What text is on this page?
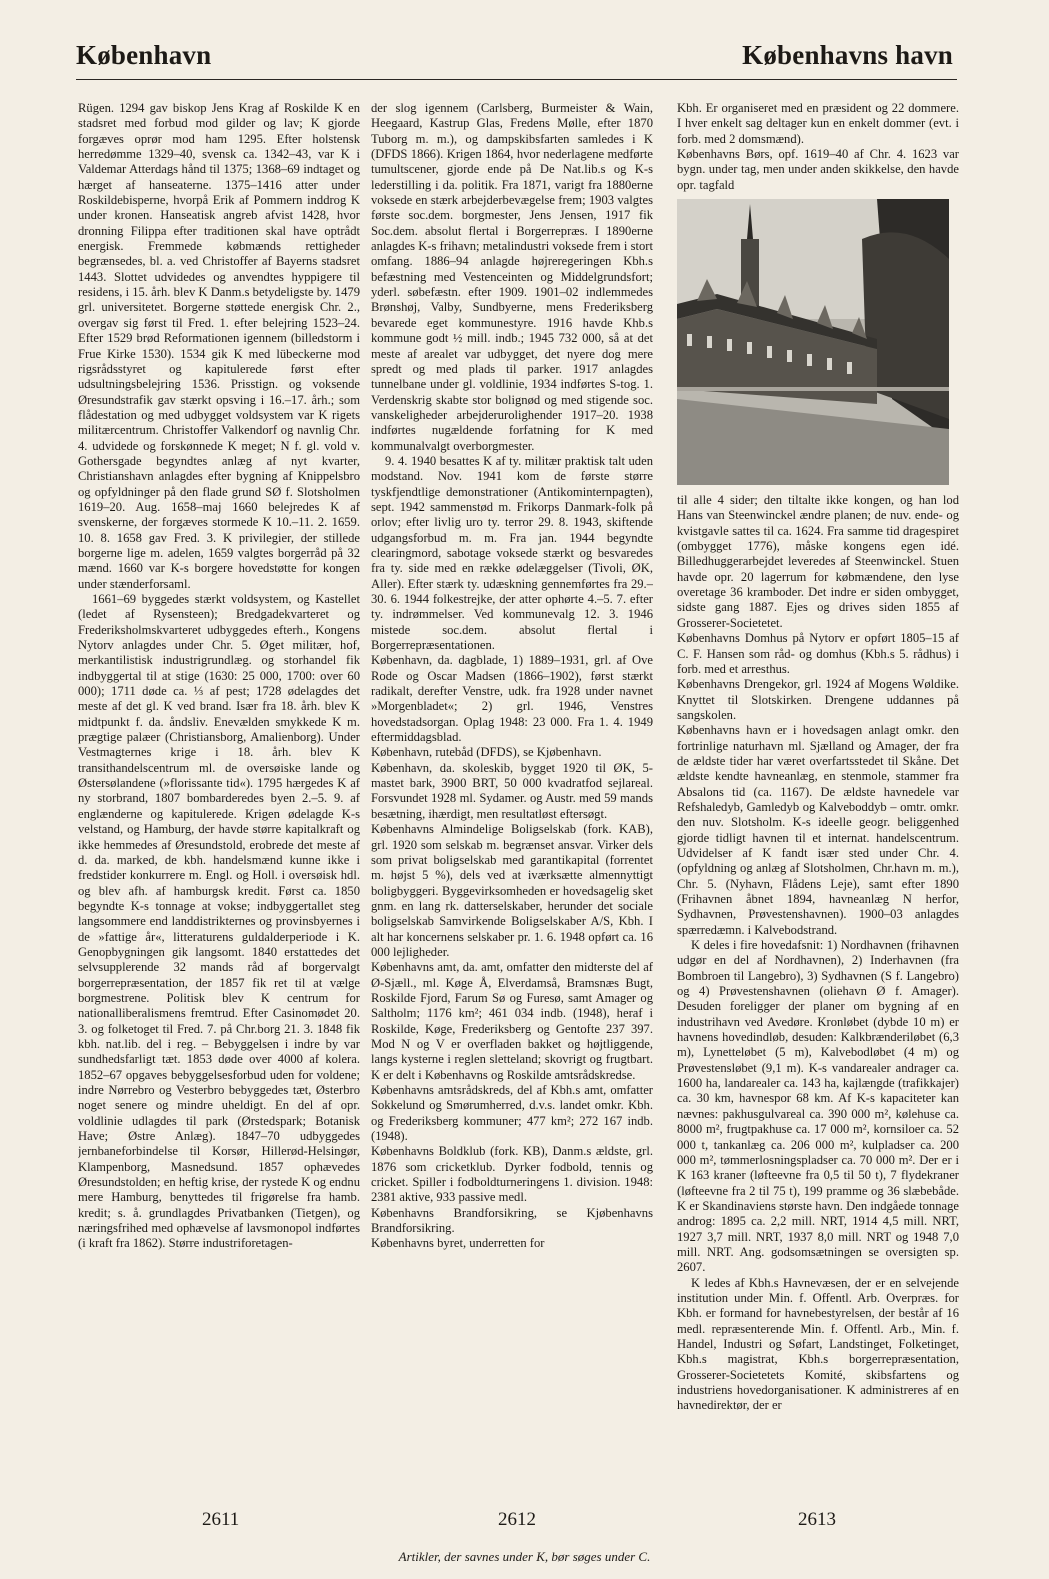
København	Københavns havn

Rügen. 1294 gav biskop Jens Krag af Roskilde K en stadsret med forbud mod gilder og lav; K gjorde forgæves oprør mod ham 1295. Efter holstensk herredømme 1329–40, svensk ca. 1342–43, var K i Valdemar Atterdags hånd til 1375; 1368–69 indtaget og hærget af hanseaterne. 1375–1416 atter under Roskildebisperne, hvorpå Erik af Pommern inddrog K under kronen. Hanseatisk angreb afvist 1428, hvor dronning Filippa efter traditionen skal have optrådt energisk. Fremmede købmænds rettigheder begrænsedes, bl. a. ved Christoffer af Bayerns stadsret 1443. Slottet udvidedes og anvendtes hyppigere til residens, i 15. årh. blev K Danm.s betydeligste by. 1479 grl. universitetet. Borgerne støttede energisk Chr. 2., overgav sig først til Fred. 1. efter belejring 1523–24. Efter 1529 brød Reformationen igennem (billedstorm i Frue Kirke 1530). 1534 gik K med lübeckerne mod rigsrådsstyret og kapitulerede først efter udsultningsbelejring 1536. Prisstign. og voksende Øresundstrafik gav stærkt opsving i 16.–17. årh.; som flådestation og med udbygget voldsystem var K rigets militærcentrum. Christoffer Valkendorf og navnlig Chr. 4. udvidede og forskønnede K meget; N f. gl. vold v. Gothersgade begyndtes anlæg af nyt kvarter, Christianshavn anlagdes efter bygning af Knippelsbro og opfyldninger på den flade grund SØ f. Slotsholmen 1619–20. Aug. 1658–maj 1660 belejredes K af svenskerne, der forgæves stormede K 10.–11. 2. 1659. 10. 8. 1658 gav Fred. 3. K privilegier, der stillede borgerne lige m. adelen, 1659 valgtes borgerråd på 32 mænd. 1660 var K-s borgere hovedstøtte for kongen under stænderforsaml.

1661–69 byggedes stærkt voldsystem, og Kastellet (ledet af Rysensteen); Bredgadekvarteret og Frederiksholmskvarteret udbyggedes efterh., Kongens Nytorv anlagdes under Chr. 5. Øget militær, hof, merkantilistisk industrigrundlæg. og storhandel fik indbyggertal til at stige (1630: 25 000, 1700: over 60 000); 1711 døde ca. ⅓ af pest; 1728 ødelagdes det meste af det gl. K ved brand. Især fra 18. årh. blev K midtpunkt f. da. åndsliv. Enevælden smykkede K m. prægtige palæer (Christiansborg, Amalienborg). Under Vestmagternes krige i 18. årh. blev K transithandelscentrum ml. de oversøiske lande og Østersølandene (»florissante tid«). 1795 hærgedes K af ny storbrand, 1807 bombarderedes byen 2.–5. 9. af englænderne og kapitulerede. Krigen ødelagde K-s velstand, og Hamburg, der havde større kapitalkraft og ikke hemmedes af Øresundstold, erobrede det meste af d. da. marked, de kbh. handelsmænd kunne ikke i fredstider konkurrere m. Engl. og Holl. i oversøisk hdl. og blev afh. af hamburgsk kredit. Først ca. 1850 begyndte K-s tonnage at vokse; indbyggertallet steg langsommere end landdistrikternes og provinsbyernes i de »fattige år«, litteraturens guldalderperiode i K. Genopbygningen gik langsomt. 1840 erstattedes det selvsupplerende 32 mands råd af borgervalgt borgerrepræsentation, der 1857 fik ret til at vælge borgmestrene. Politisk blev K centrum for nationalliberalismens fremtrud. Efter Casinomødet 20. 3. og folketoget til Fred. 7. på Chr.borg 21. 3. 1848 fik kbh. nat.lib. del i reg. – Bebyggelsen i indre by var sundhedsfarligt tæt. 1853 døde over 4000 af kolera. 1852–67 opgaves bebyggelsesforbud uden for voldene; indre Nørrebro og Vesterbro bebyggedes tæt, Østerbro noget senere og mindre uheldigt. En del af opr. voldlinie udlagdes til park (Ørstedspark; Botanisk Have; Østre Anlæg). 1847–70 udbyggedes jernbaneforbindelse til Korsør, Hillerød-Helsingør, Klampenborg, Masnedsund. 1857 ophævedes Øresundstolden; en heftig krise, der rystede K og endnu mere Hamburg, benyttedes til frigørelse fra hamb. kredit; s. å. grundlagdes Privatbanken (Tietgen), og næringsfrihed med ophævelse af lavsmonopol indførtes (i kraft fra 1862). Større industriforetagen-

der slog igennem (Carlsberg, Burmeister & Wain, Heegaard, Kastrup Glas, Fredens Mølle, efter 1870 Tuborg m. m.), og dampskibsfarten samledes i K (DFDS 1866). Krigen 1864, hvor nederlagene medførte tumultscener, gjorde ende på De Nat.lib.s og K-s lederstilling i da. politik. Fra 1871, varigt fra 1880erne voksede en stærk arbejderbevægelse frem; 1903 valgtes første soc.dem. borgmester, Jens Jensen, 1917 fik Soc.dem. absolut flertal i Borgerrepræs. I 1890erne anlagdes K-s frihavn; metalindustri voksede frem i stort omfang. 1886–94 anlagde højreregeringen Kbh.s befæstning med Vestenceinten og Middelgrundsfort; yderl. søbefæstn. efter 1909. 1901–02 indlemmedes Brønshøj, Valby, Sundbyerne, mens Frederiksberg bevarede eget kommunestyre. 1916 havde Khb.s kommune godt ½ mill. indb.; 1945 732 000, så at det meste af arealet var udbygget, det nyere dog mere spredt og med plads til parker. 1917 anlagdes tunnelbane under gl. voldlinie, 1934 indførtes S-tog. 1. Verdenskrig skabte stor bolignød og med stigende soc. vanskeligheder arbejderurolighender 1917–20. 1938 indførtes nugældende forfatning for K med kommunalvalgt overborgmester.

9. 4. 1940 besattes K af ty. militær praktisk talt uden modstand. Nov. 1941 kom de første større tyskfjendtlige demonstrationer (Antikominternpagten), sept. 1942 sammenstød m. Frikorps Danmark-folk på orlov; efter livlig uro ty. terror 29. 8. 1943, skiftende udgangsforbud m. m. Fra jan. 1944 begyndte clearingmord, sabotage voksede stærkt og besvaredes fra ty. side med en række ødelæggelser (Tivoli, ØK, Aller). Efter stærk ty. udæskning gennemførtes fra 29.–30. 6. 1944 folkestrejke, der atter ophørte 4.–5. 7. efter ty. indrømmelser. Ved kommunevalg 12. 3. 1946 mistede soc.dem. absolut flertal i Borgerrepræsentationen.

København, da. dagblade, 1) 1889–1931, grl. af Ove Rode og Oscar Madsen (1866–1902), først stærkt radikalt, derefter Venstre, udk. fra 1928 under navnet »Morgenbladet«; 2) grl. 1946, Venstres hovedstadsorgan. Oplag 1948: 23 000. Fra 1. 4. 1949 eftermiddagsblad.

København, rutebåd (DFDS), se Kjøbenhavn.

København, da. skoleskib, bygget 1920 til ØK, 5-mastet bark, 3900 BRT, 50 000 kvadratfod sejlareal. Forsvundet 1928 ml. Sydamer. og Austr. med 59 mands besætning, ihærdigt, men resultatløst eftersøgt.

Københavns Almindelige Boligselskab (fork. KAB), grl. 1920 som selskab m. begrænset ansvar. Virker dels som privat boligselskab med garantikapital (forrentet m. højst 5 %), dels ved at iværksætte almennyttigt boligbyggeri. Byggevirksomheden er hovedsagelig sket gnm. en lang rk. datterselskaber, herunder det sociale boligselskab Samvirkende Boligselskaber A/S, Kbh. I alt har koncernens selskaber pr. 1. 6. 1948 opført ca. 16 000 lejligheder.

Københavns amt, da. amt, omfatter den midterste del af Ø-Sjæll., ml. Køge Å, Elverdamså, Bramsnæs Bugt, Roskilde Fjord, Farum Sø og Furesø, samt Amager og Saltholm; 1176 km²; 461 034 indb. (1948), heraf i Roskilde, Køge, Frederiksberg og Gentofte 237 397. Mod N og V er overfladen bakket og højtliggende, langs kysterne i reglen sletteland; skovrigt og frugtbart. K er delt i Københavns og Roskilde amtsrådskredse.

Københavns amtsrådskreds, del af Kbh.s amt, omfatter Sokkelund og Smørumherred, d.v.s. landet omkr. Kbh. og Frederiksberg kommuner; 477 km²; 272 167 indb. (1948).

Københavns Boldklub (fork. KB), Danm.s ældste, grl. 1876 som cricketklub. Dyrker fodbold, tennis og cricket. Spiller i fodboldturneringens 1. division. 1948: 2381 aktive, 933 passive medl.

Københavns Brandforsikring, se Kjøbenhavns Brandforsikring.

Københavns byret, underretten for

Kbh. Er organiseret med en præsident og 22 dommere. I hver enkelt sag deltager kun en enkelt dommer (evt. i forb. med 2 domsmænd).

Københavns Børs, opf. 1619–40 af Chr. 4. 1623 var bygn. under tag, men under anden skikkelse, den havde opr. tagfald

til alle 4 sider; den tiltalte ikke kongen, og han lod Hans van Steenwinckel ændre planen; de nuv. ende- og kvistgavle sattes til ca. 1624. Fra samme tid dragespiret (ombygget 1776), måske kongens egen idé. Billedhuggerarbejdet leveredes af Steenwinckel. Stuen havde opr. 20 lagerrum for købmændene, den lyse overetage 36 kramboder. Det indre er siden ombygget, sidste gang 1887. Ejes og drives siden 1855 af Grosserer-Societetet.

Københavns Domhus på Nytorv er opført 1805–15 af C. F. Hansen som råd- og domhus (Kbh.s 5. rådhus) i forb. med et arresthus.

Københavns Drengekor, grl. 1924 af Mogens Wøldike. Knyttet til Slotskirken. Drengene uddannes på sangskolen.

Københavns havn er i hovedsagen anlagt omkr. den fortrinlige naturhavn ml. Sjælland og Amager, der fra de ældste tider har været overfartsstedet til Skåne. Det ældste kendte havneanlæg, en stenmole, stammer fra Absalons tid (ca. 1167). De ældste havnedele var Refshaledyb, Gamledyb og Kalveboddyb – omtr. omkr. den nuv. Slotsholm. K-s ideelle geogr. beliggenhed gjorde tidligt havnen til et internat. handelscentrum. Udvidelser af K fandt især sted under Chr. 4. (opfyldning og anlæg af Slotsholmen, Chr.havn m. m.), Chr. 5. (Nyhavn, Flådens Leje), samt efter 1890 (Frihavnen åbnet 1894, havneanlæg N herfor, Sydhavnen, Prøvestenshavnen). 1900–03 anlagdes spærredæmn. i Kalvebodstrand.

K deles i fire hovedafsnit: 1) Nordhavnen (frihavnen udgør en del af Nordhavnen), 2) Inderhavnen (fra Bombroen til Langebro), 3) Sydhavnen (S f. Langebro) og 4) Prøvestenshavnen (oliehavn Ø f. Amager). Desuden foreligger der planer om bygning af en industrihavn ved Avedøre. Kronløbet (dybde 10 m) er havnens hovedindløb, desuden: Kalkbrænderiløbet (6,3 m), Lynetteløbet (5 m), Kalvebodløbet (4 m) og Prøvestensløbet (9,1 m). K-s vandarealer andrager ca. 1600 ha, landarealer ca. 143 ha, kajlængde (trafikkajer) ca. 30 km, havnespor 68 km. Af K-s kapaciteter kan nævnes: pakhusgulvareal ca. 390 000 m², kølehuse ca. 8000 m², frugtpakhuse ca. 17 000 m², kornsiloer ca. 52 000 t, tankanlæg ca. 206 000 m², kulpladser ca. 200 000 m², tømmerlosningspladser ca. 70 000 m². Der er i K 163 kraner (løfteevne fra 0,5 til 50 t), 7 flydekraner (løfteevne fra 2 til 75 t), 199 pramme og 36 slæbebåde. K er Skandinaviens største havn. Den indgåede tonnage androg: 1895 ca. 2,2 mill. NRT, 1914 4,5 mill. NRT, 1927 3,7 mill. NRT, 1937 8,0 mill. NRT og 1948 7,0 mill. NRT. Ang. godsomsætningen se oversigten sp. 2607.

K ledes af Kbh.s Havnevæsen, der er en selvejende institution under Min. f. Offentl. Arb. Overpræs. for Kbh. er formand for havnebestyrelsen, der består af 16 medl. repræsenterende Min. f. Offentl. Arb., Min. f. Handel, Industri og Søfart, Landstinget, Folketinget, Kbh.s magistrat, Kbh.s borgerrepræsentation, Grosserer-Societetets Komité, skibsfartens og industriens hovedorganisationer. K administreres af en havnedirektør, der er

2611	2612	2613
Artikler, der savnes under K, bør søges under C.
